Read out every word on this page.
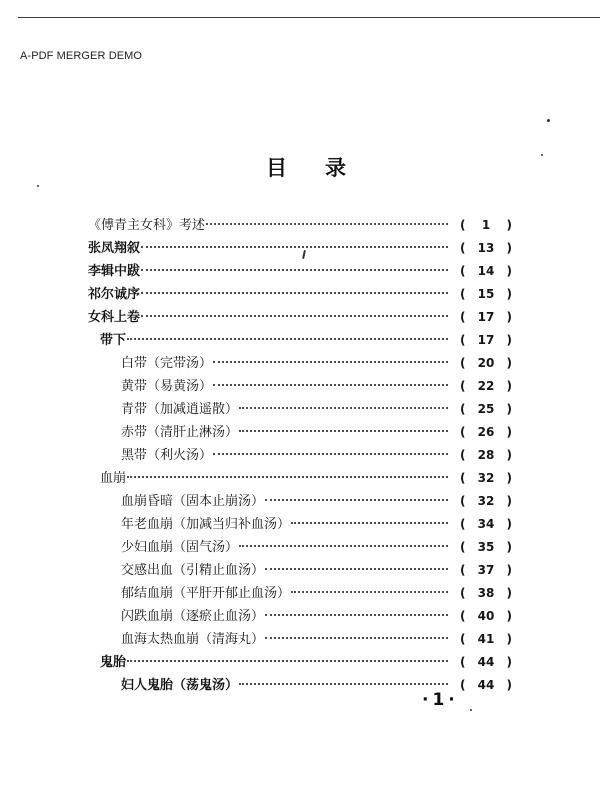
A-PDF MERGER DEMO
目录
《傅青主女科》考述	(	1	)
张凤翔叙	(	13	)
李辑中跋	(	14	)
祁尔诚序	(	15	)
女科上卷	(	17	)
带下	(	17	)
白带（完带汤）	(	20	)
黄带（易黄汤）	(	22	)
青带（加减逍遥散）	(	25	)
赤带（清肝止淋汤）	(	26	)
黑带（利火汤）	(	28	)
血崩	(	32	)
血崩昏暗（固本止崩汤）	(	32	)
年老血崩（加减当归补血汤）	(	34	)
少妇血崩（固气汤）	(	35	)
交感出血（引精止血汤）	(	37	)
郁结血崩（平肝开郁止血汤）	(	38	)
闪跌血崩（逐瘀止血汤）	(	40	)
血海太热血崩（清海丸）	(	41	)
鬼胎	(	44	)
妇人鬼胎（荡鬼汤）	(	44	)
·1·
